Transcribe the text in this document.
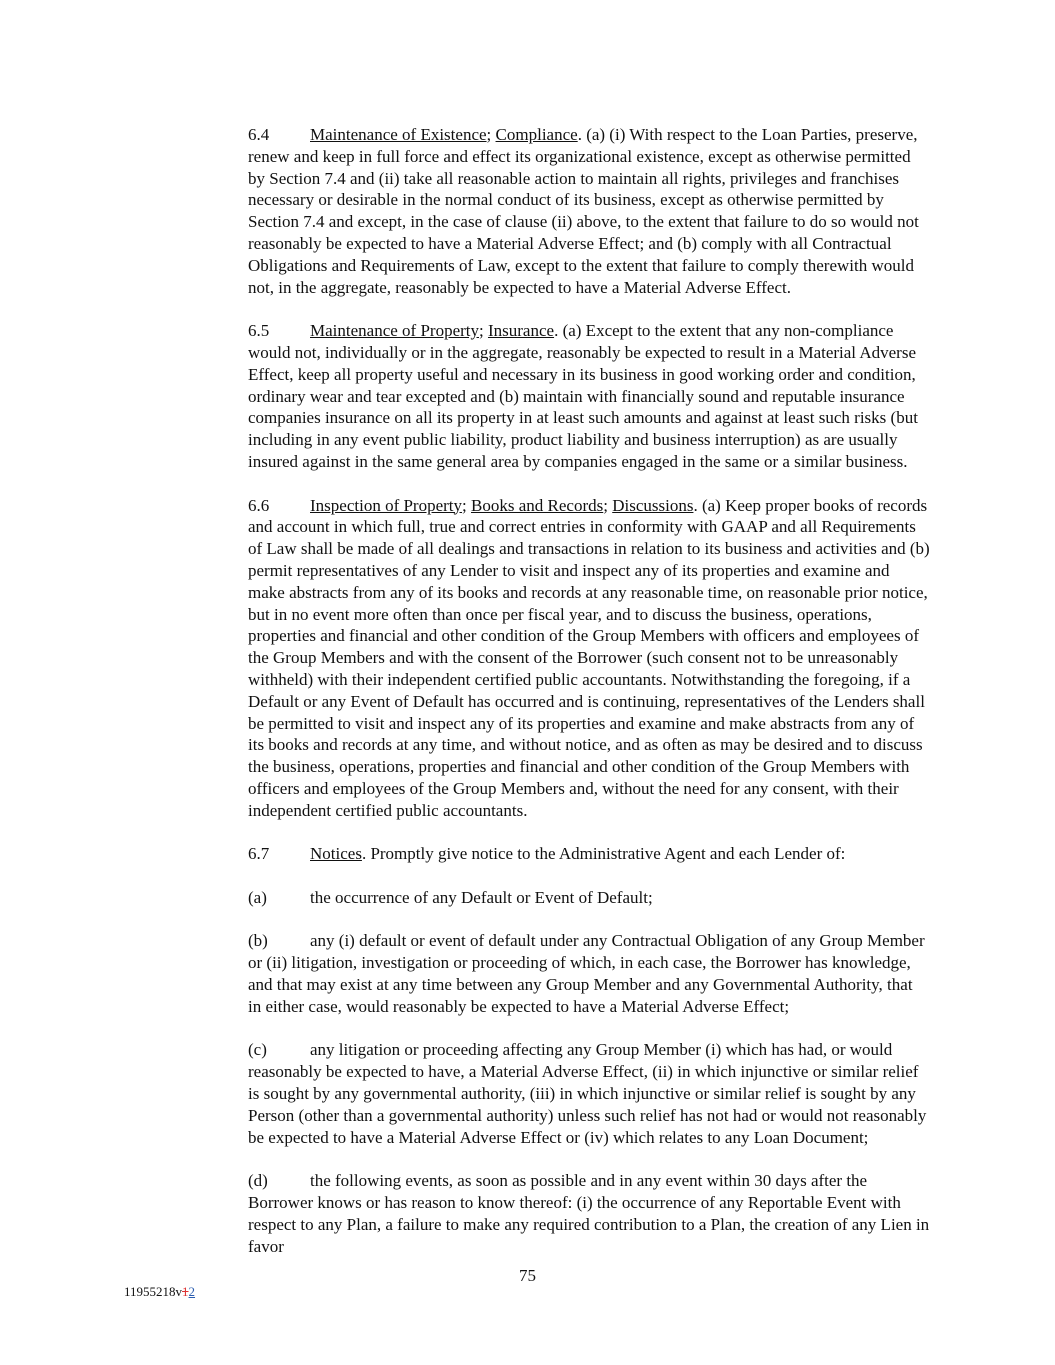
6.4 Maintenance of Existence; Compliance. (a) (i) With respect to the Loan Parties, preserve, renew and keep in full force and effect its organizational existence, except as otherwise permitted by Section 7.4 and (ii) take all reasonable action to maintain all rights, privileges and franchises necessary or desirable in the normal conduct of its business, except as otherwise permitted by Section 7.4 and except, in the case of clause (ii) above, to the extent that failure to do so would not reasonably be expected to have a Material Adverse Effect; and (b) comply with all Contractual Obligations and Requirements of Law, except to the extent that failure to comply therewith would not, in the aggregate, reasonably be expected to have a Material Adverse Effect.

6.5 Maintenance of Property; Insurance. (a) Except to the extent that any non-compliance would not, individually or in the aggregate, reasonably be expected to result in a Material Adverse Effect, keep all property useful and necessary in its business in good working order and condition, ordinary wear and tear excepted and (b) maintain with financially sound and reputable insurance companies insurance on all its property in at least such amounts and against at least such risks (but including in any event public liability, product liability and business interruption) as are usually insured against in the same general area by companies engaged in the same or a similar business.

6.6 Inspection of Property; Books and Records; Discussions. (a) Keep proper books of records and account in which full, true and correct entries in conformity with GAAP and all Requirements of Law shall be made of all dealings and transactions in relation to its business and activities and (b) permit representatives of any Lender to visit and inspect any of its properties and examine and make abstracts from any of its books and records at any reasonable time, on reasonable prior notice, but in no event more often than once per fiscal year, and to discuss the business, operations, properties and financial and other condition of the Group Members with officers and employees of the Group Members and with the consent of the Borrower (such consent not to be unreasonably withheld) with their independent certified public accountants. Notwithstanding the foregoing, if a Default or any Event of Default has occurred and is continuing, representatives of the Lenders shall be permitted to visit and inspect any of its properties and examine and make abstracts from any of its books and records at any time, and without notice, and as often as may be desired and to discuss the business, operations, properties and financial and other condition of the Group Members with officers and employees of the Group Members and, without the need for any consent, with their independent certified public accountants.

6.7 Notices. Promptly give notice to the Administrative Agent and each Lender of:

(a)	the occurrence of any Default or Event of Default;

(b) any (i) default or event of default under any Contractual Obligation of any Group Member or (ii) litigation, investigation or proceeding of which, in each case, the Borrower has knowledge, and that may exist at any time between any Group Member and any Governmental Authority, that in either case, would reasonably be expected to have a Material Adverse Effect;

(c)	any litigation or proceeding affecting any Group Member (i) which has had, or would reasonably be expected to have, a Material Adverse Effect, (ii) in which injunctive or similar relief is sought by any governmental authority, (iii) in which injunctive or similar relief is sought by any Person (other than a governmental authority) unless such relief has not had or would not reasonably be expected to have a Material Adverse Effect or (iv) which relates to any Loan Document;

(d) the following events, as soon as possible and in any event within 30 days after the Borrower knows or has reason to know thereof: (i) the occurrence of any Reportable Event with respect to any Plan, a failure to make any required contribution to a Plan, the creation of any Lien in favor

75
11955218v12
